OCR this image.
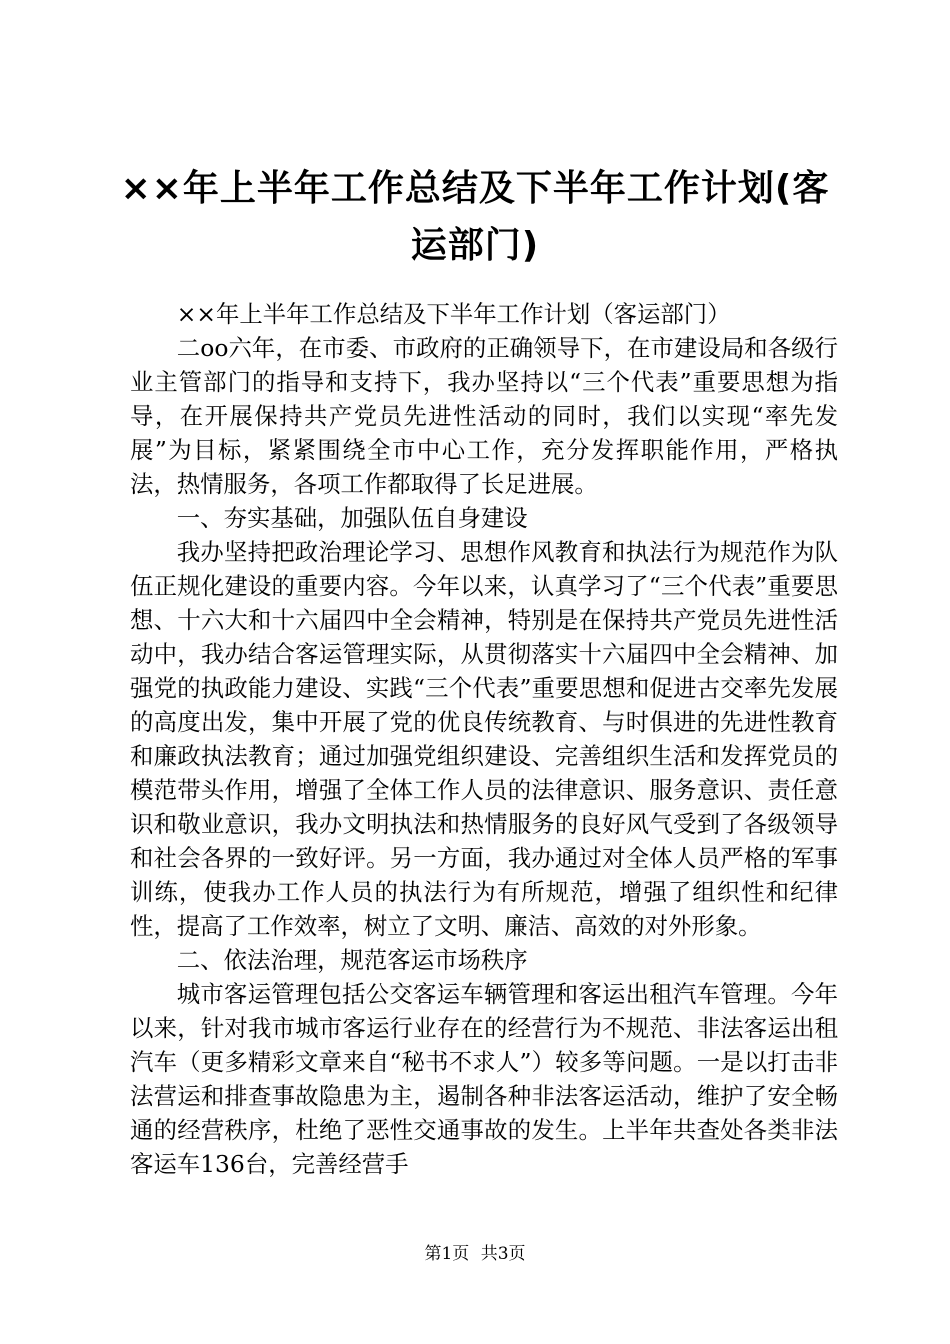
××年上半年工作总结及下半年工作计划(客运部门)

××年上半年工作总结及下半年工作计划（客运部门）

二oo六年，在市委、市政府的正确领导下，在市建设局和各级行业主管部门的指导和支持下，我办坚持以“三个代表”重要思想为指导，在开展保持共产党员先进性活动的同时，我们以实现“率先发展”为目标，紧紧围绕全市中心工作，充分发挥职能作用，严格执法，热情服务，各项工作都取得了长足进展。

一、夯实基础，加强队伍自身建设

我办坚持把政治理论学习、思想作风教育和执法行为规范作为队伍正规化建设的重要内容。今年以来，认真学习了“三个代表”重要思想、十六大和十六届四中全会精神，特别是在保持共产党员先进性活动中，我办结合客运管理实际，从贯彻落实十六届四中全会精神、加强党的执政能力建设、实践“三个代表”重要思想和促进古交率先发展的高度出发，集中开展了党的优良传统教育、与时俱进的先进性教育和廉政执法教育；通过加强党组织建设、完善组织生活和发挥党员的模范带头作用，增强了全体工作人员的法律意识、服务意识、责任意识和敬业意识，我办文明执法和热情服务的良好风气受到了各级领导和社会各界的一致好评。另一方面，我办通过对全体人员严格的军事训练，使我办工作人员的执法行为有所规范，增强了组织性和纪律性，提高了工作效率，树立了文明、廉洁、高效的对外形象。

二、依法治理，规范客运市场秩序

城市客运管理包括公交客运车辆管理和客运出租汽车管理。今年以来，针对我市城市客运行业存在的经营行为不规范、非法客运出租汽车（更多精彩文章来自“秘书不求人”）较多等问题。一是以打击非法营运和排查事故隐患为主，遏制各种非法客运活动，维护了安全畅通的经营秩序，杜绝了恶性交通事故的发生。上半年共查处各类非法客运车136台，完善经营手

第1页 共3页
